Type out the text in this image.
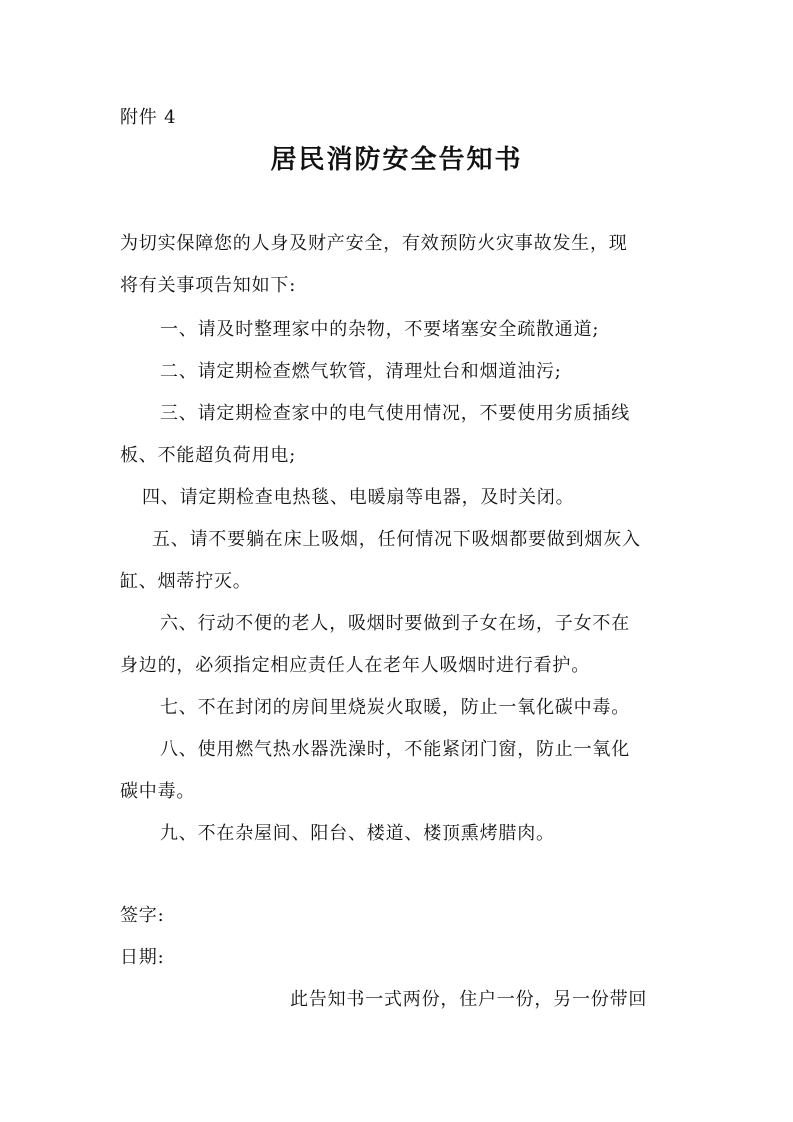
附件 4
居民消防安全告知书
为切实保障您的人身及财产安全，有效预防火灾事故发生，现
将有关事项告知如下:
一、请及时整理家中的杂物，不要堵塞安全疏散通道;
二、请定期检查燃气软管，清理灶台和烟道油污;
三、请定期检查家中的电气使用情况，不要使用劣质插线
板、不能超负荷用电;
四、请定期检查电热毯、电暖扇等电器，及时关闭。
五、请不要躺在床上吸烟，任何情况下吸烟都要做到烟灰入
缸、烟蒂拧灭。
六、行动不便的老人，吸烟时要做到子女在场，子女不在
身边的，必须指定相应责任人在老年人吸烟时进行看护。
七、不在封闭的房间里烧炭火取暖，防止一氧化碳中毒。
八、使用燃气热水器洗澡时，不能紧闭门窗，防止一氧化
碳中毒。
九、不在杂屋间、阳台、楼道、楼顶熏烤腊肉。
签字:
日期:
此告知书一式两份，住户一份，另一份带回
